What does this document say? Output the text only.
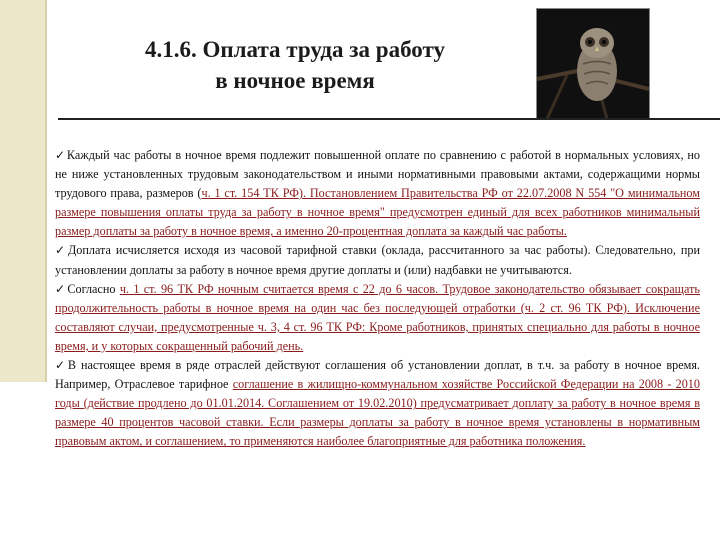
4.1.6. Оплата труда за работу
в ночное время

✓Каждый час работы в ночное время подлежит повышенной оплате по сравнению с работой в нормальных условиях, но не ниже установленных трудовым законодательством и иными нормативными правовыми актами, содержащими нормы трудового права, размеров (ч. 1 ст. 154 ТК РФ). Постановлением Правительства РФ от 22.07.2008 N 554 "О минимальном размере повышения оплаты труда за работу в ночное время" предусмотрен единый для всех работников минимальный размер доплаты за работу в ночное время, а именно 20-процентная доплата за каждый час работы.

✓Доплата исчисляется исходя из часовой тарифной ставки (оклада, рассчитанного за час работы). Следовательно, при установлении доплаты за работу в ночное время другие доплаты и (или) надбавки не учитываются.

✓Согласно ч. 1 ст. 96 ТК РФ ночным считается время с 22 до 6 часов. Трудовое законодательство обязывает сокращать продолжительность работы в ночное время на один час без последующей отработки (ч. 2 ст. 96 ТК РФ). Исключение составляют случаи, предусмотренные ч. 3, 4 ст. 96 ТК РФ: Кроме работников, принятых специально для работы в ночное время, и у которых сокращенный рабочий день.

✓В настоящее время в ряде отраслей действуют соглашения об установлении доплат, в т.ч. за работу в ночное время. Например, Отраслевое тарифное соглашение в жилищно-коммунальном хозяйстве Российской Федерации на 2008 - 2010 годы (действие продлено до 01.01.2014. Соглашением от 19.02.2010) предусматривает доплату за работу в ночное время в размере 40 процентов часовой ставки. Если размеры доплаты за работу в ночное время установлены в нормативным правовым актом, и соглашением, то применяются наиболее благоприятные для работника положения.
